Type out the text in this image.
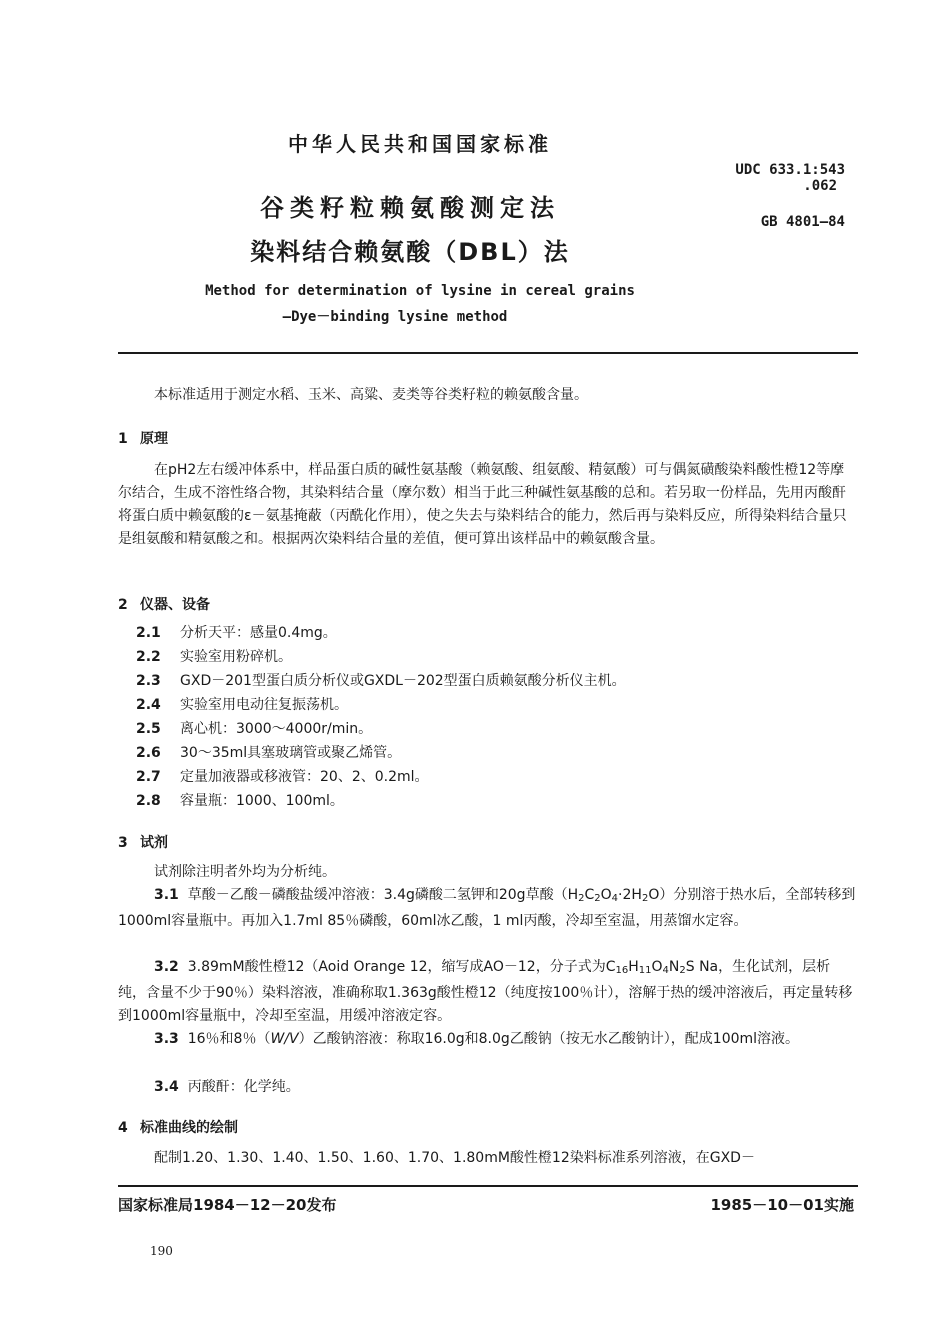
中华人民共和国国家标准
UDC 633.1:543
.062
GB 4801—84
谷类籽粒赖氨酸测定法
染料结合赖氨酸（DBL）法
Method for determination of lysine in cereal grains
—Dye－binding lysine method
本标准适用于测定水稻、玉米、高粱、麦类等谷类籽粒的赖氨酸含量。
1 原理
在pH2左右缓冲体系中，样品蛋白质的碱性氨基酸（赖氨酸、组氨酸、精氨酸）可与偶氮磺酸染料酸性橙12等摩尔结合，生成不溶性络合物，其染料结合量（摩尔数）相当于此三种碱性氨基酸的总和。若另取一份样品，先用丙酸酐将蛋白质中赖氨酸的ε－氨基掩蔽（丙酰化作用），使之失去与染料结合的能力，然后再与染料反应，所得染料结合量只是组氨酸和精氨酸之和。根据两次染料结合量的差值，便可算出该样品中的赖氨酸含量。
2 仪器、设备
2.1 分析天平：感量0.4mg。
2.2 实验室用粉碎机。
2.3 GXD－201型蛋白质分析仪或GXDL－202型蛋白质赖氨酸分析仪主机。
2.4 实验室用电动往复振荡机。
2.5 离心机：3000～4000r/min。
2.6 30～35ml具塞玻璃管或聚乙烯管。
2.7 定量加液器或移液管：20、2、0.2ml。
2.8 容量瓶：1000、100ml。
3 试剂
试剂除注明者外均为分析纯。
3.1 草酸－乙酸－磷酸盐缓冲溶液：3.4g磷酸二氢钾和20g草酸$(H_2C_2O_4\cdot 2H_2O)$分别溶于热水后，全部转移到1000ml容量瓶中。再加入1.7ml 85％磷酸，60ml冰乙酸，1 ml丙酸，冷却至室温，用蒸馏水定容。
3.2 3.89mM酸性橙12（Aoid Orange 12，缩写成AO－12，分子式为$C_{16}H_{11}O_4N_2S$ Na，生化试剂，层析纯，含量不少于90％）染料溶液，准确称取1.363g酸性橙12（纯度按100％计），溶解于热的缓冲溶液后，再定量转移到1000ml容量瓶中，冷却至室温，用缓冲溶液定容。
3.3 16％和8％（W/V）乙酸钠溶液：称取16.0g和8.0g乙酸钠（按无水乙酸钠计），配成100ml溶液。
3.4 丙酸酐：化学纯。
4 标准曲线的绘制
配制1.20、1.30、1.40、1.50、1.60、1.70、1.80mM酸性橙12染料标准系列溶液，在GXD－
国家标准局1984－12－20发布	1985－10－01实施
190
